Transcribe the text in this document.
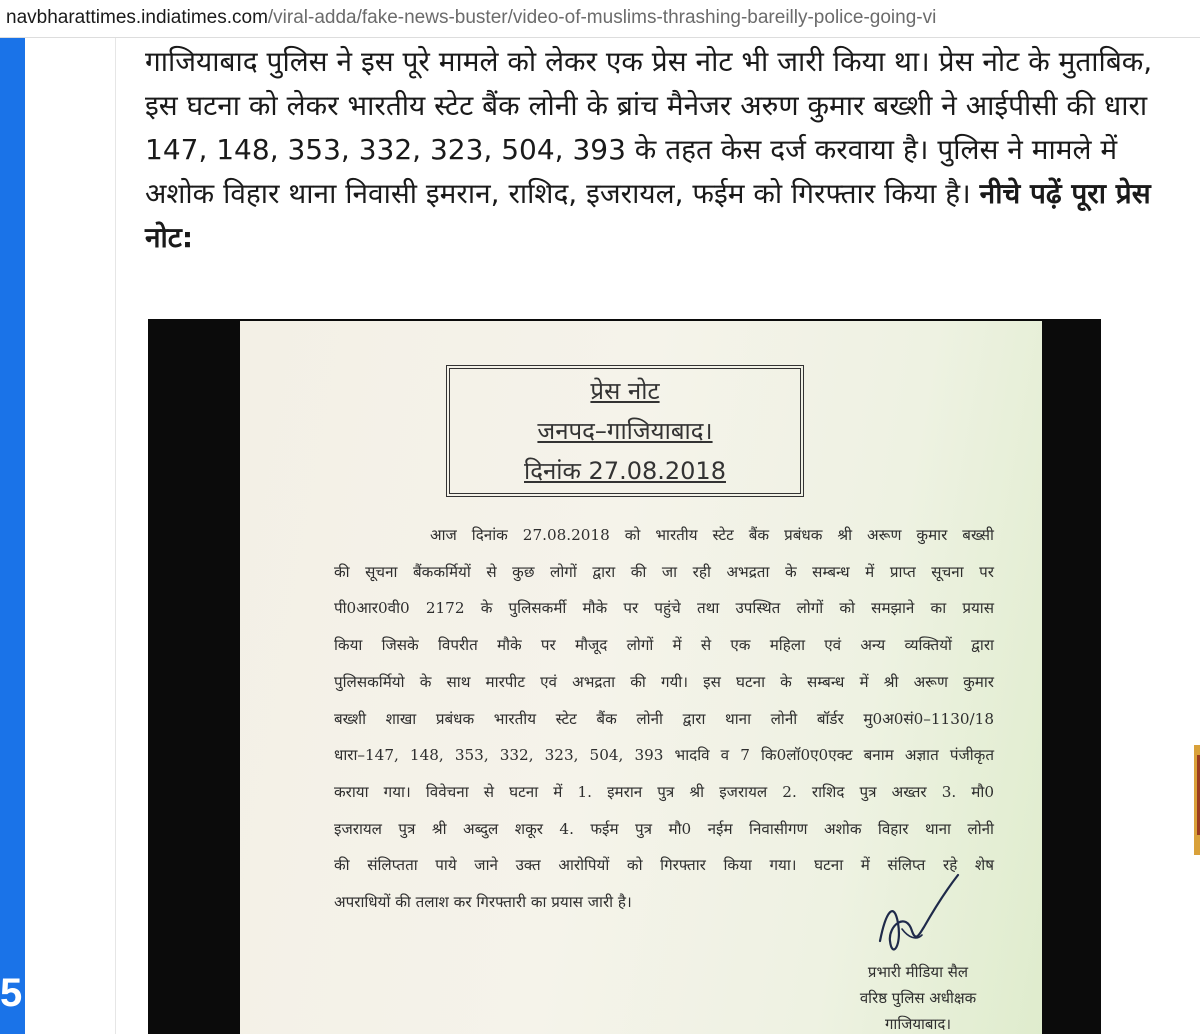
navbharattimes.indiatimes.com/viral-adda/fake-news-buster/video-of-muslims-thrashing-bareilly-police-going-vi
5
गाजियाबाद पुलिस ने इस पूरे मामले को लेकर एक प्रेस नोट भी जारी किया था। प्रेस नोट के मुताबिक, इस घटना को लेकर भारतीय स्टेट बैंक लोनी के ब्रांच मैनेजर अरुण कुमार बख्शी ने आईपीसी की धारा 147, 148, 353, 332, 323, 504, 393 के तहत केस दर्ज करवाया है। पुलिस ने मामले में अशोक विहार थाना निवासी इमरान, राशिद, इजरायल, फईम को गिरफ्तार किया है। नीचे पढ़ें पूरा प्रेस नोट:
प्रेस नोट
जनपद–गाजियाबाद।
दिनांक 27.08.2018
आज दिनांक 27.08.2018 को भारतीय स्टेट बैंक प्रबंधक श्री अरूण कुमार बख्सी
की सूचना बैंककर्मियों से कुछ लोगों द्वारा की जा रही अभद्रता के सम्बन्ध में प्राप्त सूचना पर
पी0आर0वी0 2172 के पुलिसकर्मी मौके पर पहुंचे तथा उपस्थित लोगों को समझाने का प्रयास
किया जिसके विपरीत मौके पर मौजूद लोगों में से एक महिला एवं अन्य व्यक्तियों द्वारा
पुलिसकर्मियो के साथ मारपीट एवं अभद्रता की गयी। इस घटना के सम्बन्ध में श्री अरूण कुमार
बख्शी शाखा प्रबंधक भारतीय स्टेट बैंक लोनी द्वारा थाना लोनी बॉर्डर मु0अ0सं0–1130/18
धारा–147, 148, 353, 332, 323, 504, 393 भादवि व 7 कि0लॉ0ए0एक्ट बनाम अज्ञात पंजीकृत
कराया गया। विवेचना से घटना में 1. इमरान पुत्र श्री इजरायल 2. राशिद पुत्र अख्तर 3. मौ0
इजरायल पुत्र श्री अब्दुल शकूर 4. फईम पुत्र मौ0 नईम निवासीगण अशोक विहार थाना लोनी
की संलिप्तता पाये जाने उक्त आरोपियों को गिरफ्तार किया गया। घटना में संलिप्त रहे शेष
अपराधियों की तलाश कर गिरफ्तारी का प्रयास जारी है।
प्रभारी मीडिया सैल
वरिष्ठ पुलिस अधीक्षक
गाजियाबाद।
